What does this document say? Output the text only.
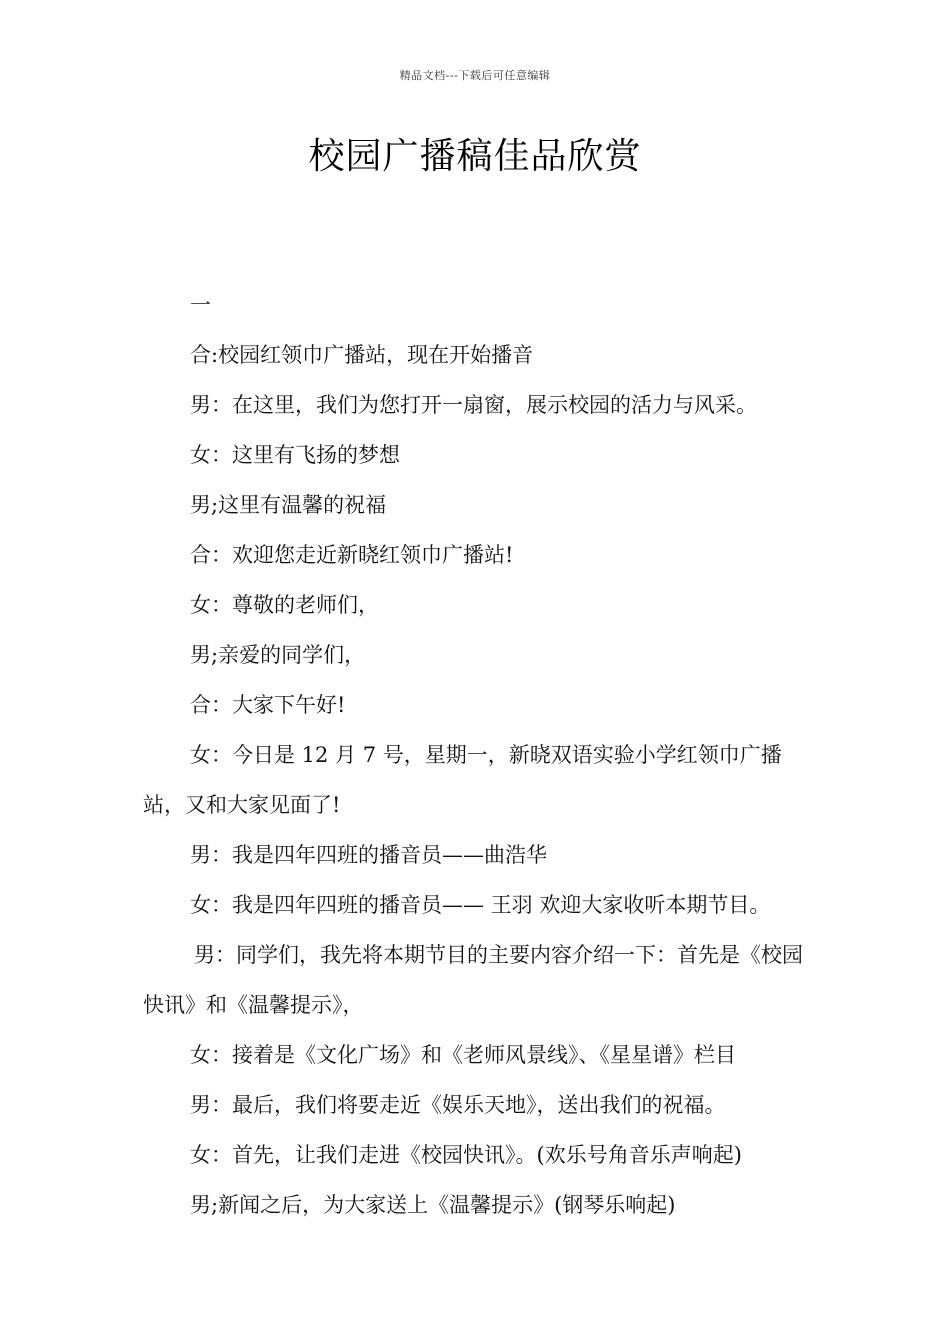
精品文档---下载后可任意编辑
校园广播稿佳品欣赏

一

合:校园红领巾广播站，现在开始播音

男：在这里，我们为您打开一扇窗，展示校园的活力与风采。

女：这里有飞扬的梦想

男;这里有温馨的祝福

合：欢迎您走近新晓红领巾广播站!

女：尊敬的老师们，

男;亲爱的同学们，

合：大家下午好!

女：今日是 12 月 7 号，星期一，新晓双语实验小学红领巾广播站，又和大家见面了!

男：我是四年四班的播音员——曲浩华

女：我是四年四班的播音员—— 王羽 欢迎大家收听本期节目。

男：同学们，我先将本期节目的主要内容介绍一下：首先是《校园快讯》和《温馨提示》，

女：接着是《文化广场》和《老师风景线》、《星星谱》栏目

男：最后，我们将要走近《娱乐天地》，送出我们的祝福。

女：首先，让我们走进《校园快讯》。(欢乐号角音乐声响起)

男;新闻之后，为大家送上《温馨提示》(钢琴乐响起)
